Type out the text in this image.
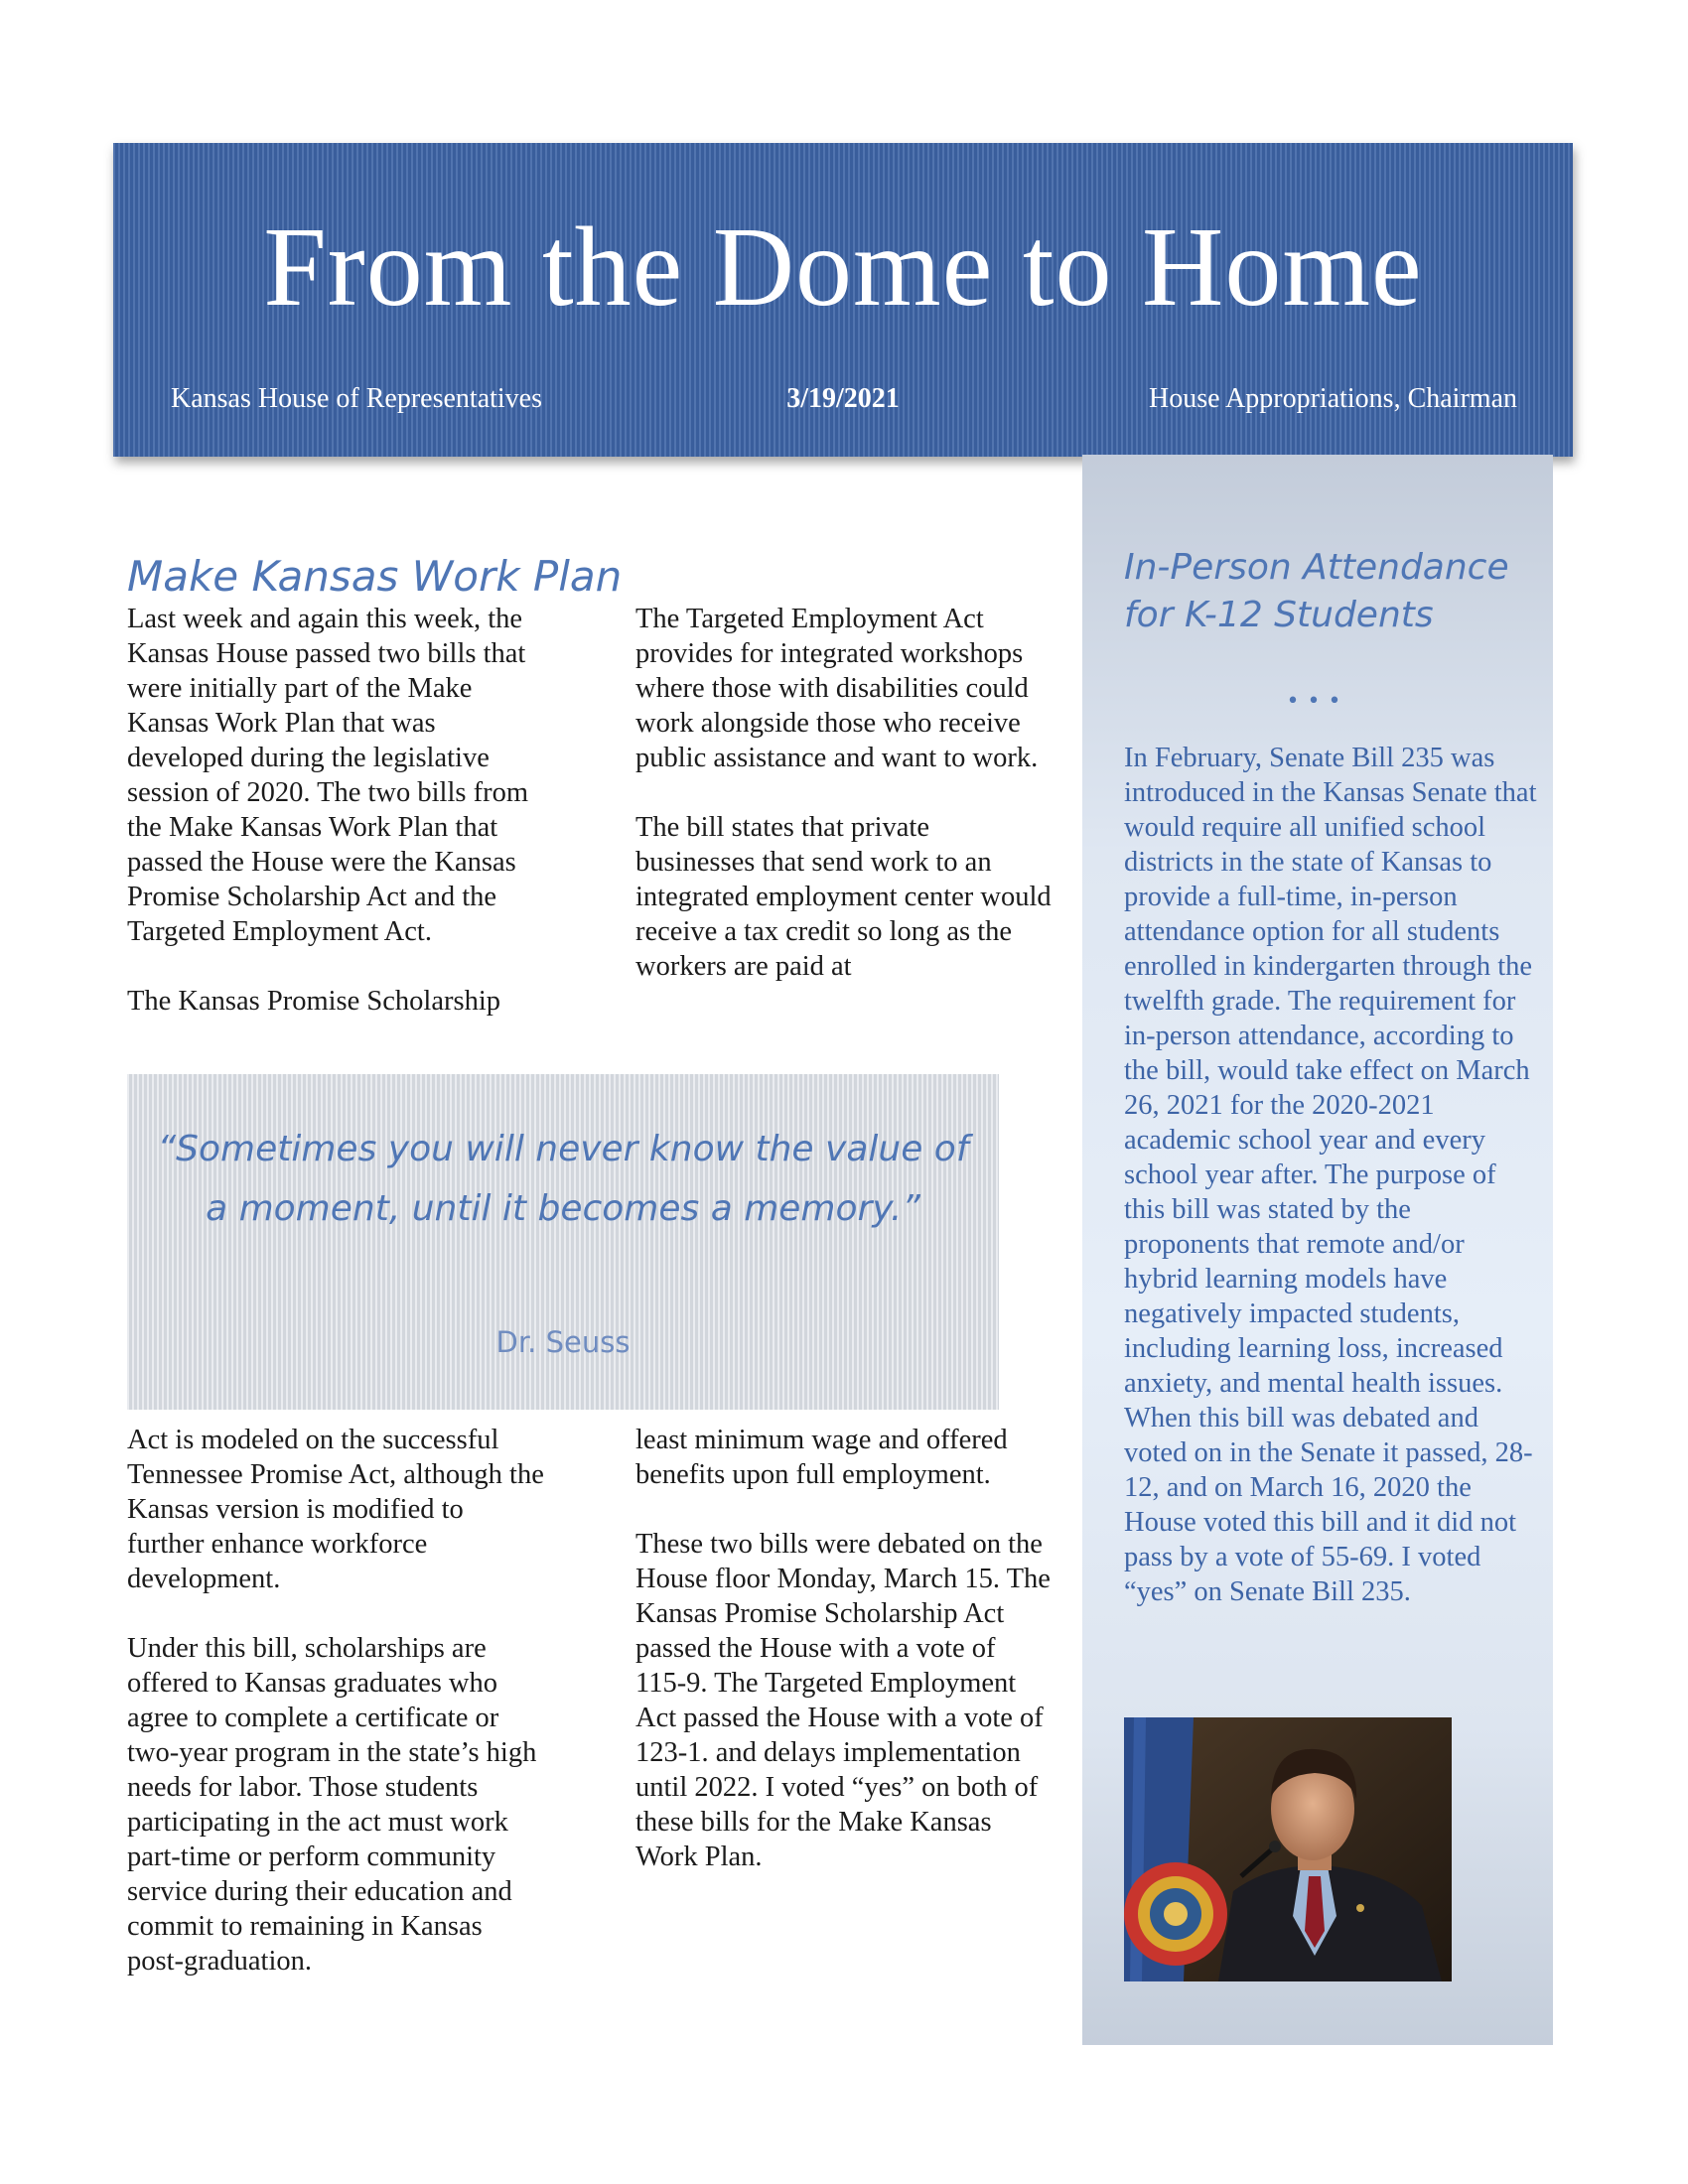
From the Dome to Home
Kansas House of Representatives	3/19/2021	House Appropriations, Chairman
Make Kansas Work Plan

Last week and again this week, the Kansas House passed two bills that were initially part of the Make Kansas Work Plan that was developed during the legislative session of 2020. The two bills from the Make Kansas Work Plan that passed the House were the Kansas Promise Scholarship Act and the Targeted Employment Act.

The Kansas Promise Scholarship

The Targeted Employment Act provides for integrated workshops where those with disabilities could work alongside those who receive public assistance and want to work.

The bill states that private businesses that send work to an integrated employment center would receive a tax credit so long as the workers are paid at

“Sometimes you will never know the value of a moment, until it becomes a memory.”

Dr. Seuss

Act is modeled on the successful Tennessee Promise Act, although the Kansas version is modified to further enhance workforce development.

Under this bill, scholarships are offered to Kansas graduates who agree to complete a certificate or two-year program in the state’s high needs for labor. Those students participating in the act must work part-time or perform community service during their education and commit to remaining in Kansas post-graduation.

least minimum wage and offered benefits upon full employment.

These two bills were debated on the House floor Monday, March 15. The Kansas Promise Scholarship Act passed the House with a vote of 115-9. The Targeted Employment Act passed the House with a vote of 123-1. and delays implementation until 2022. I voted “yes” on both of these bills for the Make Kansas Work Plan.

In-Person Attendance for K-12 Students
•••

In February, Senate Bill 235 was introduced in the Kansas Senate that would require all unified school districts in the state of Kansas to provide a full-time, in-person attendance option for all students enrolled in kindergarten through the twelfth grade. The requirement for in-person attendance, according to the bill, would take effect on March 26, 2021 for the 2020-2021 academic school year and every school year after. The purpose of this bill was stated by the proponents that remote and/or hybrid learning models have negatively impacted students, including learning loss, increased anxiety, and mental health issues. When this bill was debated and voted on in the Senate it passed, 28-12, and on March 16, 2020 the House voted this bill and it did not pass by a vote of 55-69. I voted “yes” on Senate Bill 235.
